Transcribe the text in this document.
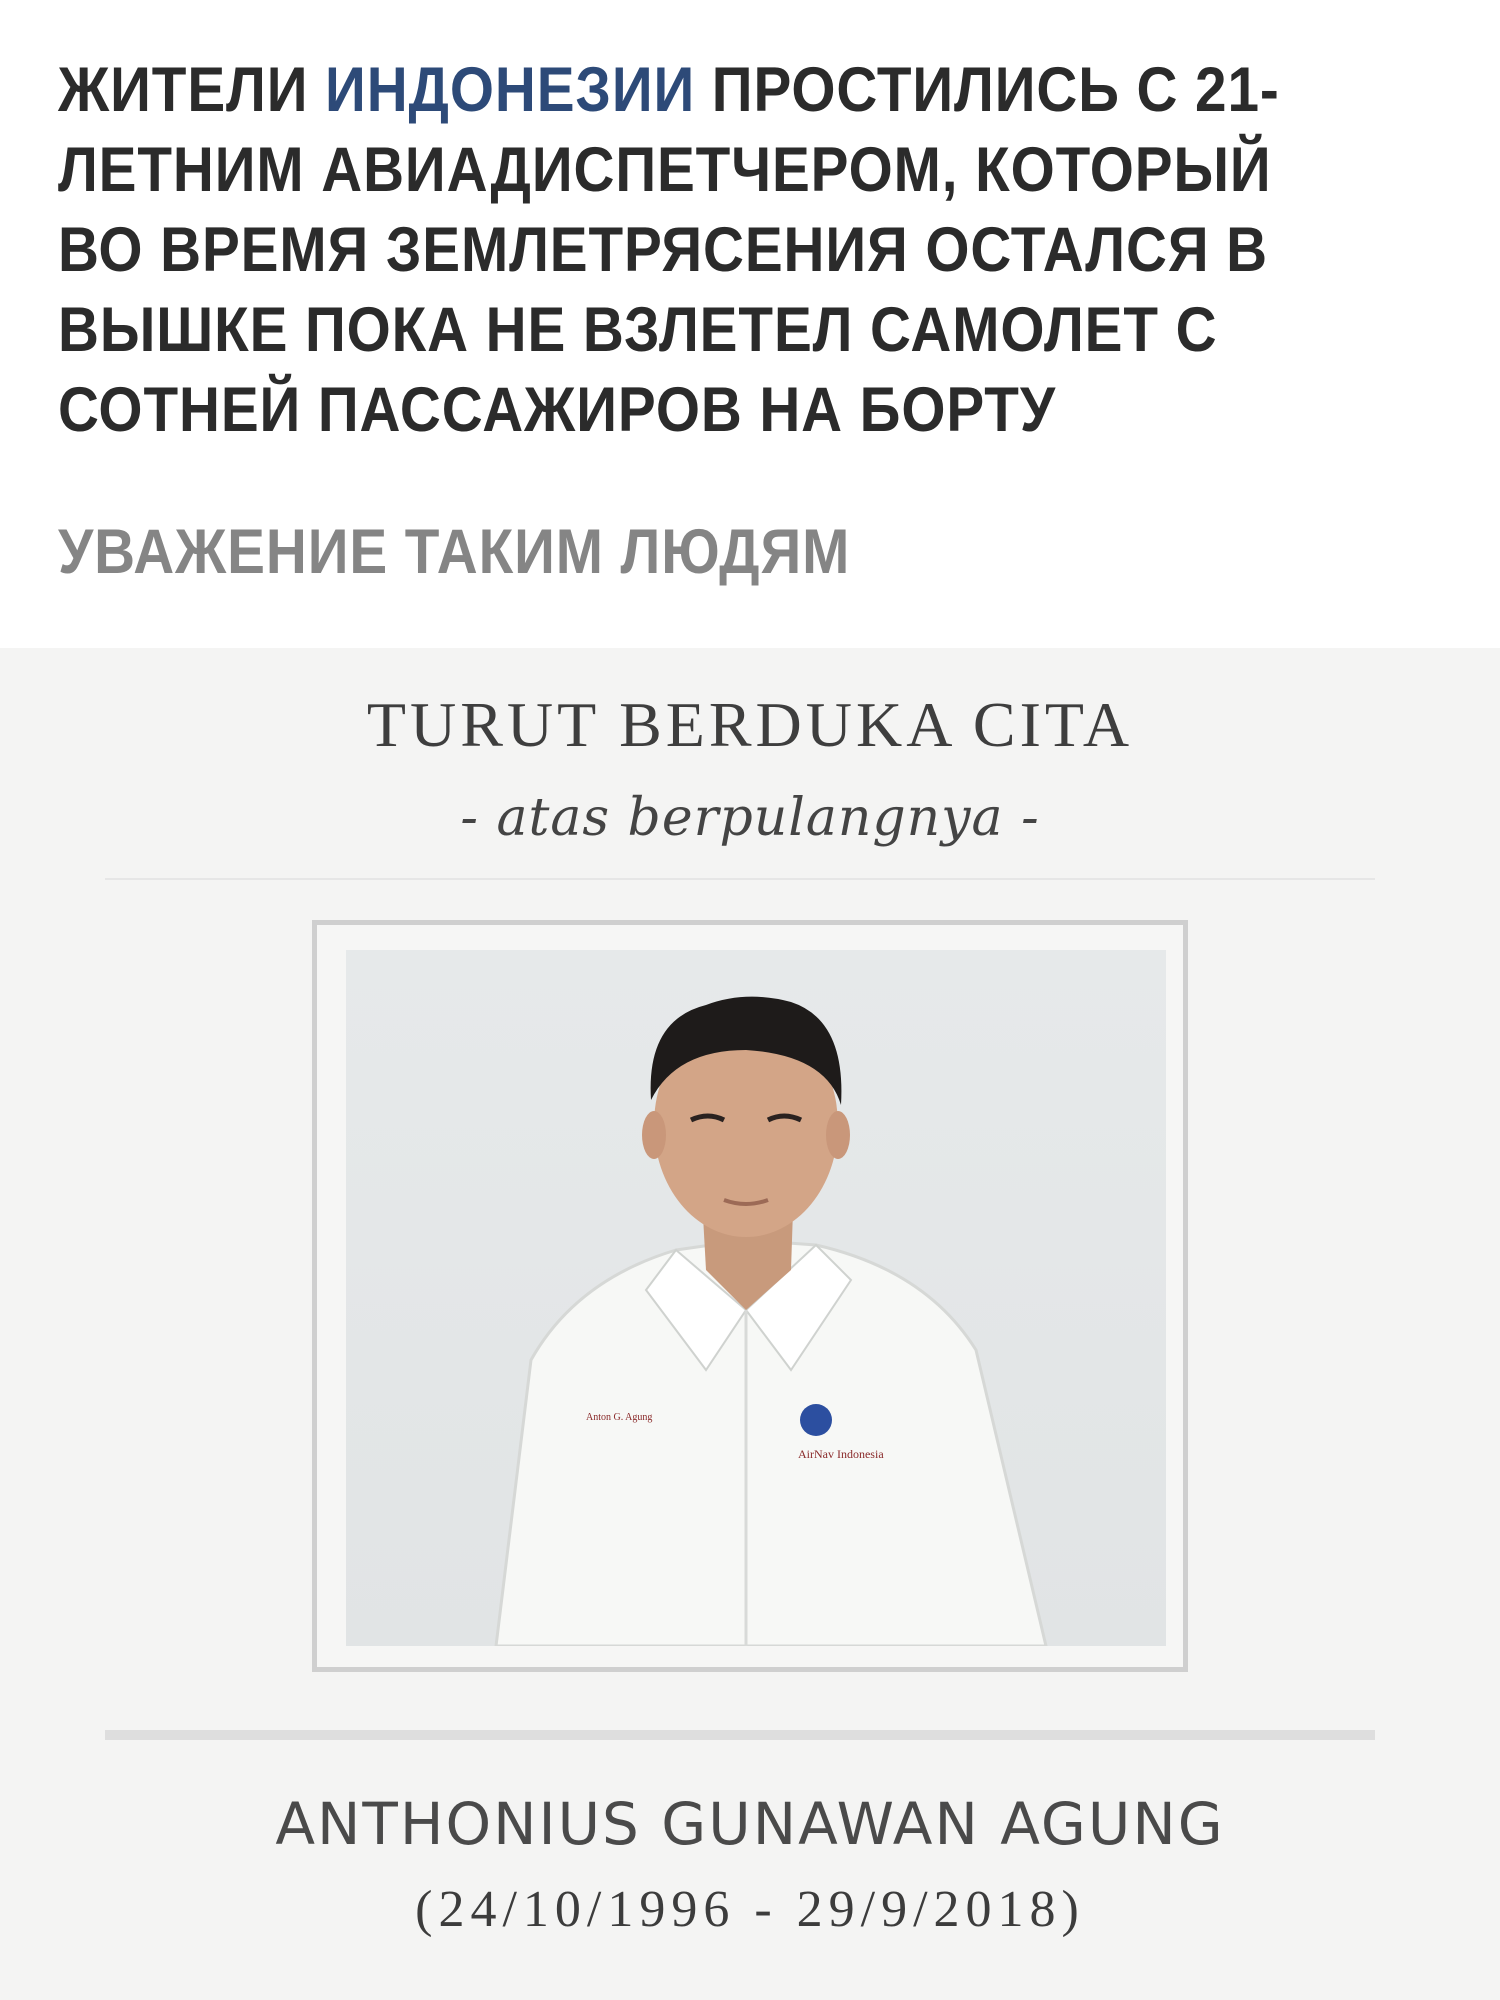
ЖИТЕЛИ ИНДОНЕЗИИ ПРОСТИЛИСЬ С 21-ЛЕТНИМ АВИАДИСПЕТЧЕРОМ, КОТОРЫЙ ВО ВРЕМЯ ЗЕМЛЕТРЯСЕНИЯ ОСТАЛСЯ В ВЫШКЕ ПОКА НЕ ВЗЛЕТЕЛ САМОЛЕТ С СОТНЕЙ ПАССАЖИРОВ НА БОРТУ

УВАЖЕНИЕ ТАКИМ ЛЮДЯМ

TURUT BERDUKA CITA

- atas berpulangnya -

AirNav Indonesia
Anton G. Agung

ANTHONIUS GUNAWAN AGUNG

(24/10/1996 - 29/9/2018)
